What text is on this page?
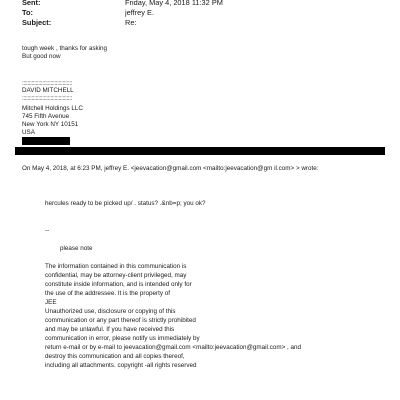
Sent:	Friday, May 4, 2018 11:32 PM
To:	jeffrey E.
Subject:	Re:
tough week , thanks for asking
But good now
:::::::::::::::::::::::::::::::::::::
DAVID MITCHELL
:::::::::::::::::::::::::::::::::::::
Mitchell Holdings LLC
745 Fifth Avenue
New York NY 10151
USA
On May 4, 2018, at 6:23 PM, jeffrey E. <jeevacation@gmail.com <mailto:jeevacation@gm il.com> > wrote:
hercules ready to be picked up/ . status? .&nb=p; you ok?
--
please note
The information contained in this communication is
confidential, may be attorney-client privileged, may
constitute inside information, and is intended only for
the use of the addressee. It is the property of
JEE
Unauthorized use, disclosure or copying of this
communication or any part thereof is strictly prohibited
and may be unlawful. If you have received this
communication in error, please notify us immediately by
return e-mail or by e-mail to jeevacation@gmail.com <mailto:jeevacation@gmail.com> , and
destroy this communication and all copies thereof,
including all attachments. copyright -all rights reserved
